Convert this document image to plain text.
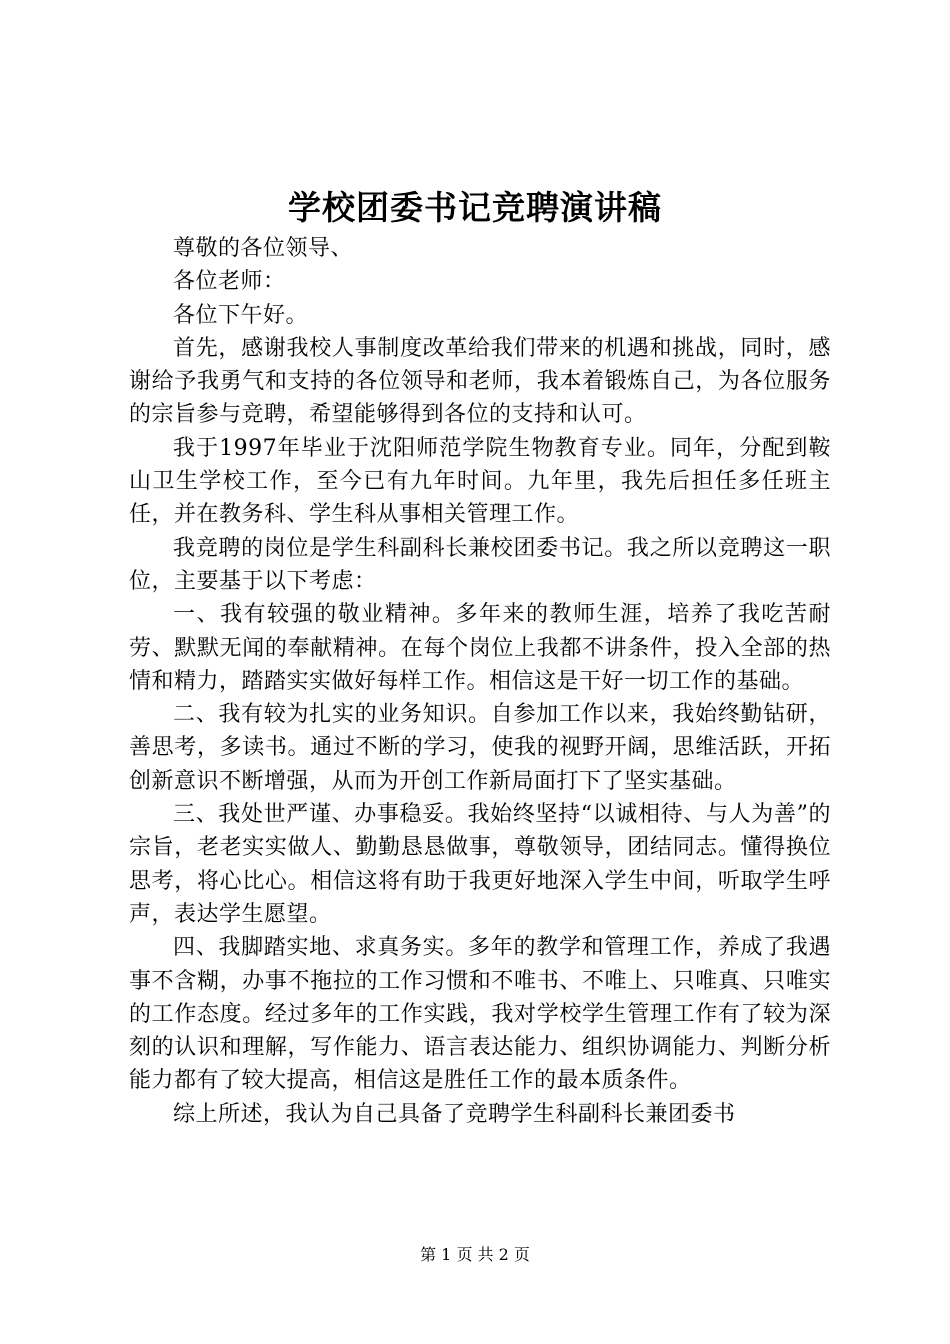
学校团委书记竞聘演讲稿

尊敬的各位领导、

各位老师：

各位下午好。

首先，感谢我校人事制度改革给我们带来的机遇和挑战，同时，感谢给予我勇气和支持的各位领导和老师，我本着锻炼自己，为各位服务的宗旨参与竞聘，希望能够得到各位的支持和认可。

我于1997年毕业于沈阳师范学院生物教育专业。同年，分配到鞍山卫生学校工作，至今已有九年时间。九年里，我先后担任多任班主任，并在教务科、学生科从事相关管理工作。

我竞聘的岗位是学生科副科长兼校团委书记。我之所以竞聘这一职位，主要基于以下考虑：

一、我有较强的敬业精神。多年来的教师生涯，培养了我吃苦耐劳、默默无闻的奉献精神。在每个岗位上我都不讲条件，投入全部的热情和精力，踏踏实实做好每样工作。相信这是干好一切工作的基础。

二、我有较为扎实的业务知识。自参加工作以来，我始终勤钻研，善思考，多读书。通过不断的学习，使我的视野开阔，思维活跃，开拓创新意识不断增强，从而为开创工作新局面打下了坚实基础。

三、我处世严谨、办事稳妥。我始终坚持“以诚相待、与人为善”的宗旨，老老实实做人、勤勤恳恳做事，尊敬领导，团结同志。懂得换位思考，将心比心。相信这将有助于我更好地深入学生中间，听取学生呼声，表达学生愿望。

四、我脚踏实地、求真务实。多年的教学和管理工作，养成了我遇事不含糊，办事不拖拉的工作习惯和不唯书、不唯上、只唯真、只唯实的工作态度。经过多年的工作实践，我对学校学生管理工作有了较为深刻的认识和理解，写作能力、语言表达能力、组织协调能力、判断分析能力都有了较大提高，相信这是胜任工作的最本质条件。

综上所述，我认为自己具备了竞聘学生科副科长兼团委书

第 1 页 共 2 页
